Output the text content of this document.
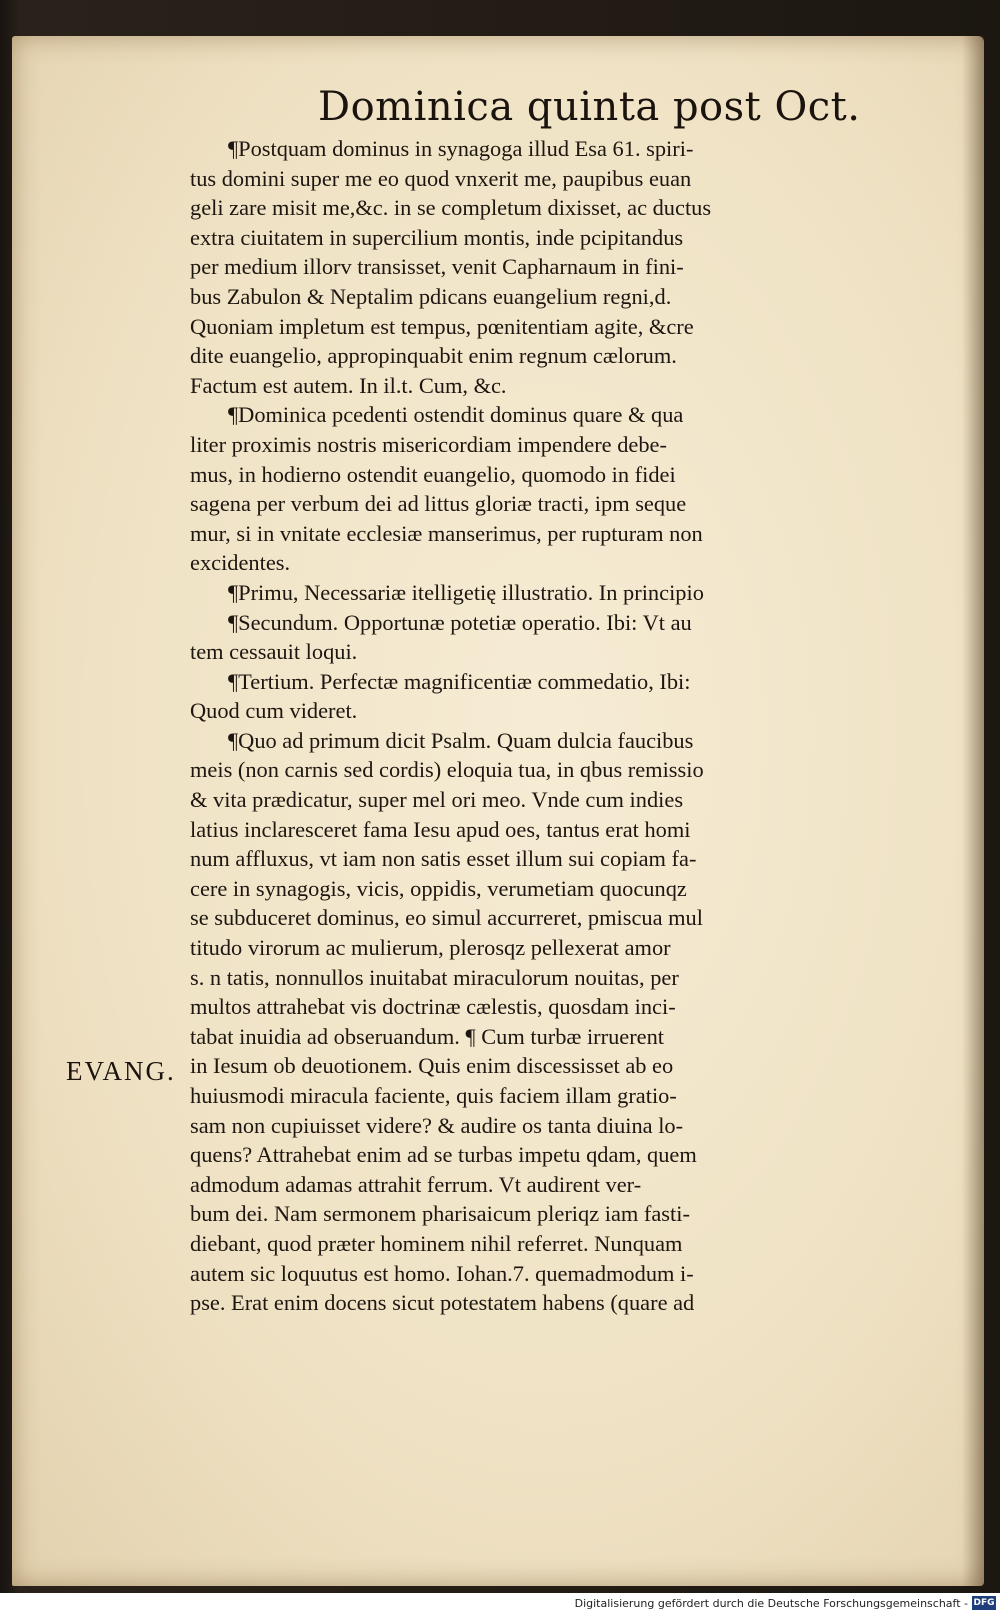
Dominica quinta post Oct.
EVANG.
¶Postquam dominus in synagoga illud Esa 61. spiri-
tus domini super me eo quod vnxerit me, paupibus euan
geli zare misit me,&c. in se completum dixisset, ac ductus
extra ciuitatem in supercilium montis, inde pcipitandus
per medium illorv transisset, venit Capharnaum in fini-
bus Zabulon & Neptalim pdicans euangelium regni,d.
Quoniam impletum est tempus, pœnitentiam agite, &cre
dite euangelio, appropinquabit enim regnum cælorum.
Factum est autem. In il.t. Cum, &c.
¶Dominica pcedenti ostendit dominus quare & qua
liter proximis nostris misericordiam impendere debe-
mus, in hodierno ostendit euangelio, quomodo in fidei
sagena per verbum dei ad littus gloriæ tracti, ipm seque
mur, si in vnitate ecclesiæ manserimus, per rupturam non
excidentes.
¶Primu, Necessariæ itelligetię illustratio. In principio
¶Secundum. Opportunæ potetiæ operatio. Ibi: Vt au
tem cessauit loqui.
¶Tertium. Perfectæ magnificentiæ commedatio, Ibi:
Quod cum videret.
¶Quo ad primum dicit Psalm. Quam dulcia faucibus
meis (non carnis sed cordis) eloquia tua, in qbus remissio
& vita prædicatur, super mel ori meo. Vnde cum indies
latius inclaresceret fama Iesu apud oes, tantus erat homi
num affluxus, vt iam non satis esset illum sui copiam fa-
cere in synagogis, vicis, oppidis, verumetiam quocunqz
se subduceret dominus, eo simul accurreret, pmiscua mul
titudo virorum ac mulierum, plerosqz pellexerat amor
s. n tatis, nonnullos inuitabat miraculorum nouitas, per
multos attrahebat vis doctrinæ cælestis, quosdam inci-
tabat inuidia ad obseruandum. ¶ Cum turbæ irruerent
in Iesum ob deuotionem. Quis enim discessisset ab eo
huiusmodi miracula faciente, quis faciem illam gratio-
sam non cupiuisset videre? & audire os tanta diuina lo-
quens? Attrahebat enim ad se turbas impetu qdam, quem
admodum adamas attrahit ferrum. Vt audirent ver-
bum dei. Nam sermonem pharisaicum pleriqz iam fasti-
diebant, quod præter hominem nihil referret. Nunquam
autem sic loquutus est homo. Iohan.7. quemadmodum i-
pse. Erat enim docens sicut potestatem habens (quare ad
Digitalisierung gefördert durch die Deutsche Forschungsgemeinschaft - DFG
